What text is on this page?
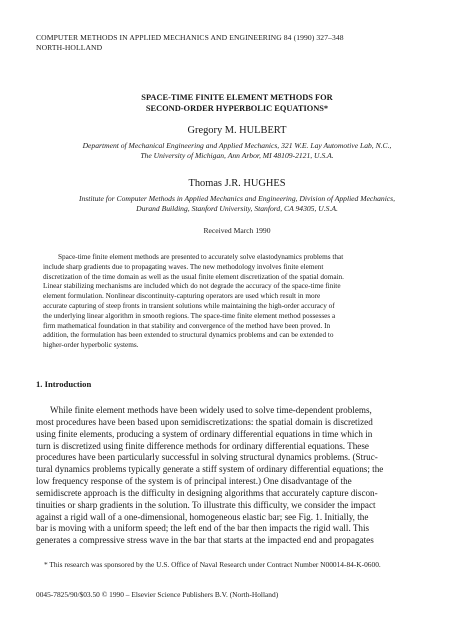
COMPUTER METHODS IN APPLIED MECHANICS AND ENGINEERING 84 (1990) 327–348
NORTH-HOLLAND
SPACE-TIME FINITE ELEMENT METHODS FOR
SECOND-ORDER HYPERBOLIC EQUATIONS*
Gregory M. HULBERT
Department of Mechanical Engineering and Applied Mechanics, 321 W.E. Lay Automotive Lab, N.C.,
The University of Michigan, Ann Arbor, MI 48109-2121, U.S.A.
Thomas J.R. HUGHES
Institute for Computer Methods in Applied Mechanics and Engineering, Division of Applied Mechanics,
Durand Building, Stanford University, Stanford, CA 94305, U.S.A.
Received March 1990
Space-time finite element methods are presented to accurately solve elastodynamics problems that
include sharp gradients due to propagating waves. The new methodology involves finite element
discretization of the time domain as well as the usual finite element discretization of the spatial domain.
Linear stabilizing mechanisms are included which do not degrade the accuracy of the space-time finite
element formulation. Nonlinear discontinuity-capturing operators are used which result in more
accurate capturing of steep fronts in transient solutions while maintaining the high-order accuracy of
the underlying linear algorithm in smooth regions. The space-time finite element method possesses a
firm mathematical foundation in that stability and convergence of the method have been proved. In
addition, the formulation has been extended to structural dynamics problems and can be extended to
higher-order hyperbolic systems.
1. Introduction
While finite element methods have been widely used to solve time-dependent problems,
most procedures have been based upon semidiscretizations: the spatial domain is discretized
using finite elements, producing a system of ordinary differential equations in time which in
turn is discretized using finite difference methods for ordinary differential equations. These
procedures have been particularly successful in solving structural dynamics problems. (Struc-
tural dynamics problems typically generate a stiff system of ordinary differential equations; the
low frequency response of the system is of principal interest.) One disadvantage of the
semidiscrete approach is the difficulty in designing algorithms that accurately capture discon-
tinuities or sharp gradients in the solution. To illustrate this difficulty, we consider the impact
against a rigid wall of a one-dimensional, homogeneous elastic bar; see Fig. 1. Initially, the
bar is moving with a uniform speed; the left end of the bar then impacts the rigid wall. This
generates a compressive stress wave in the bar that starts at the impacted end and propagates
* This research was sponsored by the U.S. Office of Naval Research under Contract Number N00014-84-K-0600.
0045-7825/90/$03.50 © 1990 – Elsevier Science Publishers B.V. (North-Holland)
